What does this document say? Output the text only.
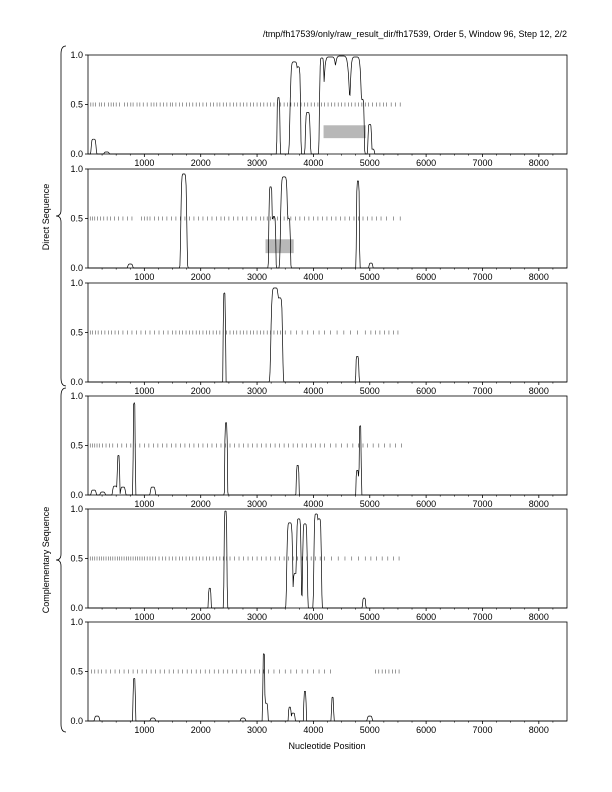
/tmp/fh17539/only/raw_result_dir/fh17539, Order 5, Window 96, Step 12, 2/2
0.0
0.5
1.0
1000	2000	3000	4000	5000	6000	7000	8000
0.0
0.5
1.0
1000	2000	3000	4000	5000	6000	7000	8000
0.0
0.5
1.0
1000	2000	3000	4000	5000	6000	7000	8000
0.0
0.5
1.0
1000	2000	3000	4000	5000	6000	7000	8000
0.0
0.5
1.0
1000	2000	3000	4000	5000	6000	7000	8000
0.0
0.5
1.0
1000	2000	3000	4000	5000	6000	7000	8000
Nucleotide Position
Direct Sequence
Complementary Sequence
